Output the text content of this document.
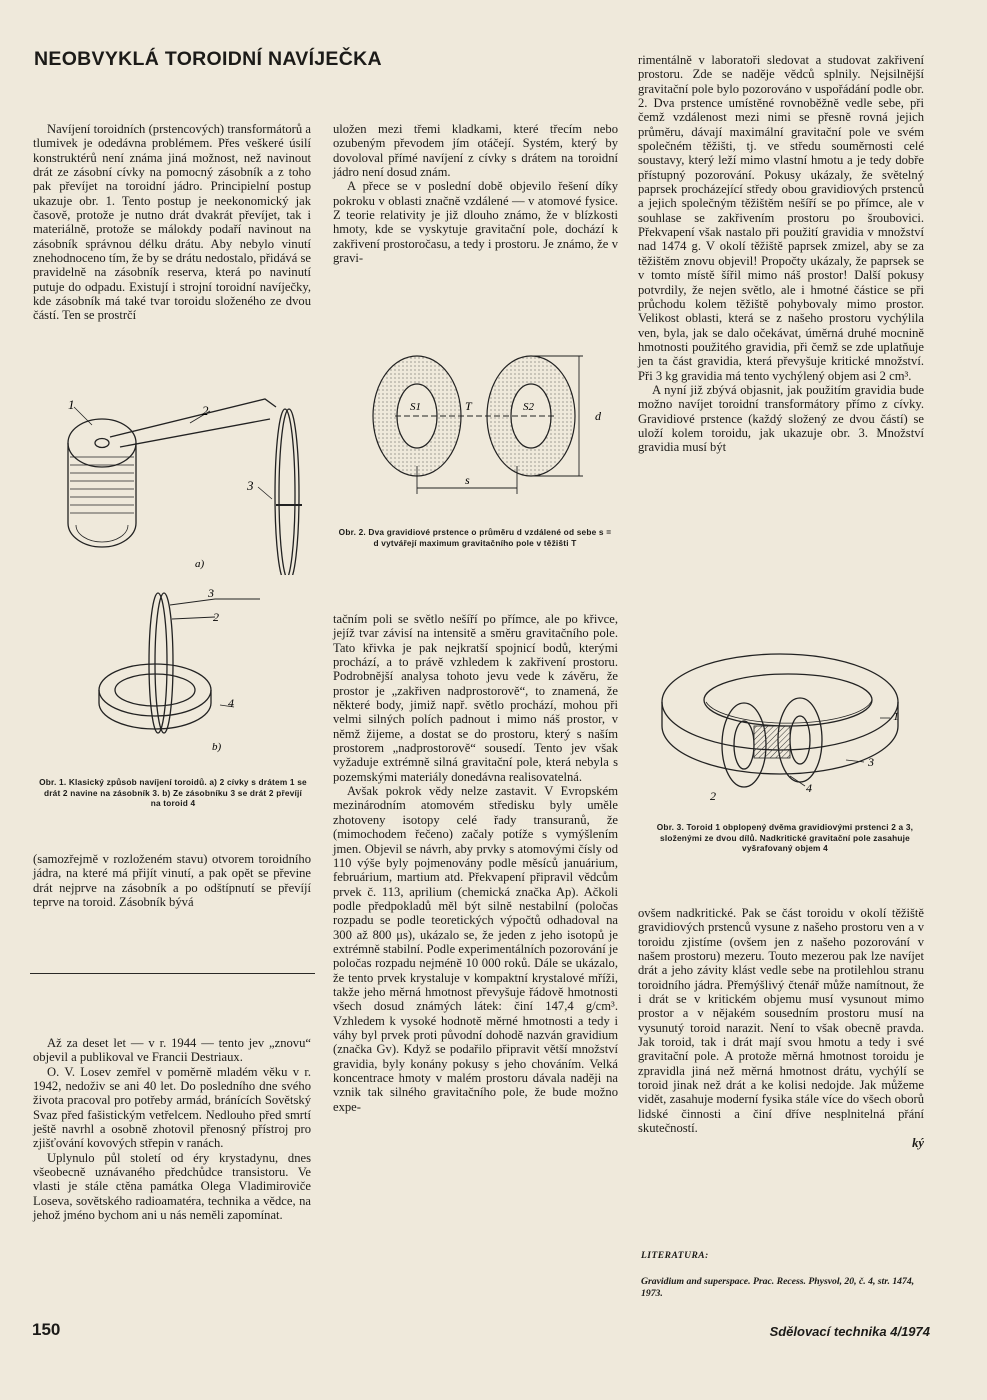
NEOBVYKLÁ TOROIDNÍ NAVÍJEČKA

Navíjení toroidních (prstencových) transformátorů a tlumivek je odedávna problémem. Přes veškeré úsilí konstruktérů není známa jiná možnost, než navinout drát ze zásobní cívky na pomocný zásobník a z toho pak převíjet na toroidní jádro. Principielní postup ukazuje obr. 1. Tento postup je neekonomický jak časově, protože je nutno drát dvakrát převíjet, tak i materiálně, protože se málokdy podaří navinout na zásobník správnou délku drátu. Aby nebylo vinutí znehodnoceno tím, že by se drátu nedostalo, přidává se pravidelně na zásobník reserva, která po navinutí putuje do odpadu. Existují i strojní toroidní navíječky, kde zásobník má také tvar toroidu složeného ze dvou částí. Ten se prostrčí

1	2
3
a)
3
2
4
b)
Obr. 1. Klasický způsob navíjení toroidů. a) 2 cívky s drátem 1 se drát 2 navine na zásobník 3. b) Ze zásobníku 3 se drát 2 převíjí na toroid 4

(samozřejmě v rozloženém stavu) otvorem toroidního jádra, na které má přijít vinutí, a pak opět se převine drát nejprve na zásobník a po odštípnutí se převíjí teprve na toroid. Zásobník bývá

Až za deset let — v r. 1944 — tento jev „znovu“ objevil a publikoval ve Francii Destriaux.

O. V. Losev zemřel v poměrně mladém věku v r. 1942, nedoživ se ani 40 let. Do posledního dne svého života pracoval pro potřeby armád, bránících Sovětský Svaz před fašistickým vetřelcem. Nedlouho před smrtí ještě navrhl a osobně zhotovil přenosný přístroj pro zjišťování kovových střepin v ranách.

Uplynulo půl století od éry krystadynu, dnes všeobecně uznávaného předchůdce transistoru. Ve vlasti je stále ctěna památka Olega Vladimiroviče Loseva, sovětského radioamatéra, technika a vědce, na jehož jméno bychom ani u nás neměli zapomínat.

uložen mezi třemi kladkami, které třecím nebo ozubeným převodem jím otáčejí. Systém, který by dovoloval přímé navíjení z cívky s drátem na toroidní jádro není dosud znám.

A přece se v poslední době objevilo řešení díky pokroku v oblasti značně vzdálené — v atomové fysice. Z teorie relativity je již dlouho známo, že v blízkosti hmoty, kde se vyskytuje gravitační pole, dochází k zakřivení prostoročasu, a tedy i prostoru. Je známo, že v gravi-

S1	T	S2
d
s
Obr. 2. Dva gravidiové prstence o průměru d vzdálené od sebe s = d vytvářejí maximum gravitačního pole v těžišti T

tačním poli se světlo nešíří po přímce, ale po křivce, jejíž tvar závisí na intensitě a směru gravitačního pole. Tato křivka je pak nejkratší spojnicí bodů, kterými prochází, a to právě vzhledem k zakřivení prostoru. Podrobnější analysa tohoto jevu vede k závěru, že prostor je „zakřiven nadprostorově“, to znamená, že některé body, jimiž např. světlo prochází, mohou při velmi silných polích padnout i mimo náš prostor, v němž žijeme, a dostat se do prostoru, který s naším prostorem „nadprostorově“ sousedí. Tento jev však vyžaduje extrémně silná gravitační pole, která nebyla s pozemskými materiály donedávna realisovatelná.

Avšak pokrok vědy nelze zastavit. V Evropském mezinárodním atomovém středisku byly uměle zhotoveny isotopy celé řady transuranů, že (mimochodem řečeno) začaly potíže s vymýšlením jmen. Objevil se návrh, aby prvky s atomovými čísly od 110 výše byly pojmenovány podle měsíců januárium, februárium, martium atd. Překvapení připravil vědcům prvek č. 113, aprilium (chemická značka Ap). Ačkoli podle předpokladů měl být silně nestabilní (poločas rozpadu se podle teoretických výpočtů odhadoval na 300 až 800 μs), ukázalo se, že jeden z jeho isotopů je extrémně stabilní. Podle experimentálních pozorování je poločas rozpadu nejméně 10 000 roků. Dále se ukázalo, že tento prvek krystaluje v kompaktní krystalové mříži, takže jeho měrná hmotnost převyšuje řádově hmotnosti všech dosud známých látek: činí 147,4 g/cm³. Vzhledem k vysoké hodnotě měrné hmotnosti a tedy i váhy byl prvek proti původní dohodě nazván gravidium (značka Gv). Když se podařilo připravit větší množství gravidia, byly konány pokusy s jeho chováním. Velká koncentrace hmoty v malém prostoru dávala naději na vznik tak silného gravitačního pole, že bude možno expe-

rimentálně v laboratoři sledovat a studovat zakřivení prostoru. Zde se naděje vědců splnily. Nejsilnější gravitační pole bylo pozorováno v uspořádání podle obr. 2. Dva prstence umístěné rovnoběžně vedle sebe, při čemž vzdálenost mezi nimi se přesně rovná jejich průměru, dávají maximální gravitační pole ve svém společném těžišti, tj. ve středu souměrnosti celé soustavy, který leží mimo vlastní hmotu a je tedy dobře přístupný pozorování. Pokusy ukázaly, že světelný paprsek procházející středy obou gravidiových prstenců a jejich společným těžištěm nešíří se po přímce, ale v souhlase se zakřivením prostoru po šroubovici. Překvapení však nastalo při použití gravidia v množství nad 1474 g. V okolí těžiště paprsek zmizel, aby se za těžištěm znovu objevil! Propočty ukázaly, že paprsek se v tomto místě šířil mimo náš prostor! Další pokusy potvrdily, že nejen světlo, ale i hmotné částice se při průchodu kolem těžiště pohybovaly mimo prostor. Velikost oblasti, která se z našeho prostoru vychýlila ven, byla, jak se dalo očekávat, úměrná druhé mocnině hmotnosti použitého gravidia, při čemž se zde uplatňuje jen ta část gravidia, která převyšuje kritické množství. Při 3 kg gravidia má tento vychýlený objem asi 2 cm³.

A nyní již zbývá objasnit, jak použitím gravidia bude možno navíjet toroidní transformátory přímo z cívky. Gravidiové prstence (každý složený ze dvou částí) se uloží kolem toroidu, jak ukazuje obr. 3. Množství gravidia musí být

1
2
3
4
Obr. 3. Toroid 1 obplopený dvěma gravidiovými prstenci 2 a 3, složenými ze dvou dílů. Nadkritické gravitační pole zasahuje vyšrafovaný objem 4

ovšem nadkritické. Pak se část toroidu v okolí těžiště gravidiových prstenců vysune z našeho prostoru ven a v toroidu zjistíme (ovšem jen z našeho pozorování v našem prostoru) mezeru. Touto mezerou pak lze navíjet drát a jeho závity klást vedle sebe na protilehlou stranu toroidního jádra. Přemýšlivý čtenář může namítnout, že i drát se v kritickém objemu musí vysunout mimo prostor a v nějakém sousedním prostoru musí na vysunutý toroid narazit. Není to však obecně pravda. Jak toroid, tak i drát mají svou hmotu a tedy i své gravitační pole. A protože měrná hmotnost toroidu je zpravidla jiná než měrná hmotnost drátu, vychýlí se toroid jinak než drát a ke kolisi nedojde. Jak můžeme vidět, zasahuje moderní fysika stále více do všech oborů lidské činnosti a činí dříve nesplnitelná přání skutečností.

ký

LITERATURA:
Gravidium and superspace. Prac. Recess. Physvol, 20, č. 4, str. 1474, 1973.
150	Sdělovací technika 4/1974
